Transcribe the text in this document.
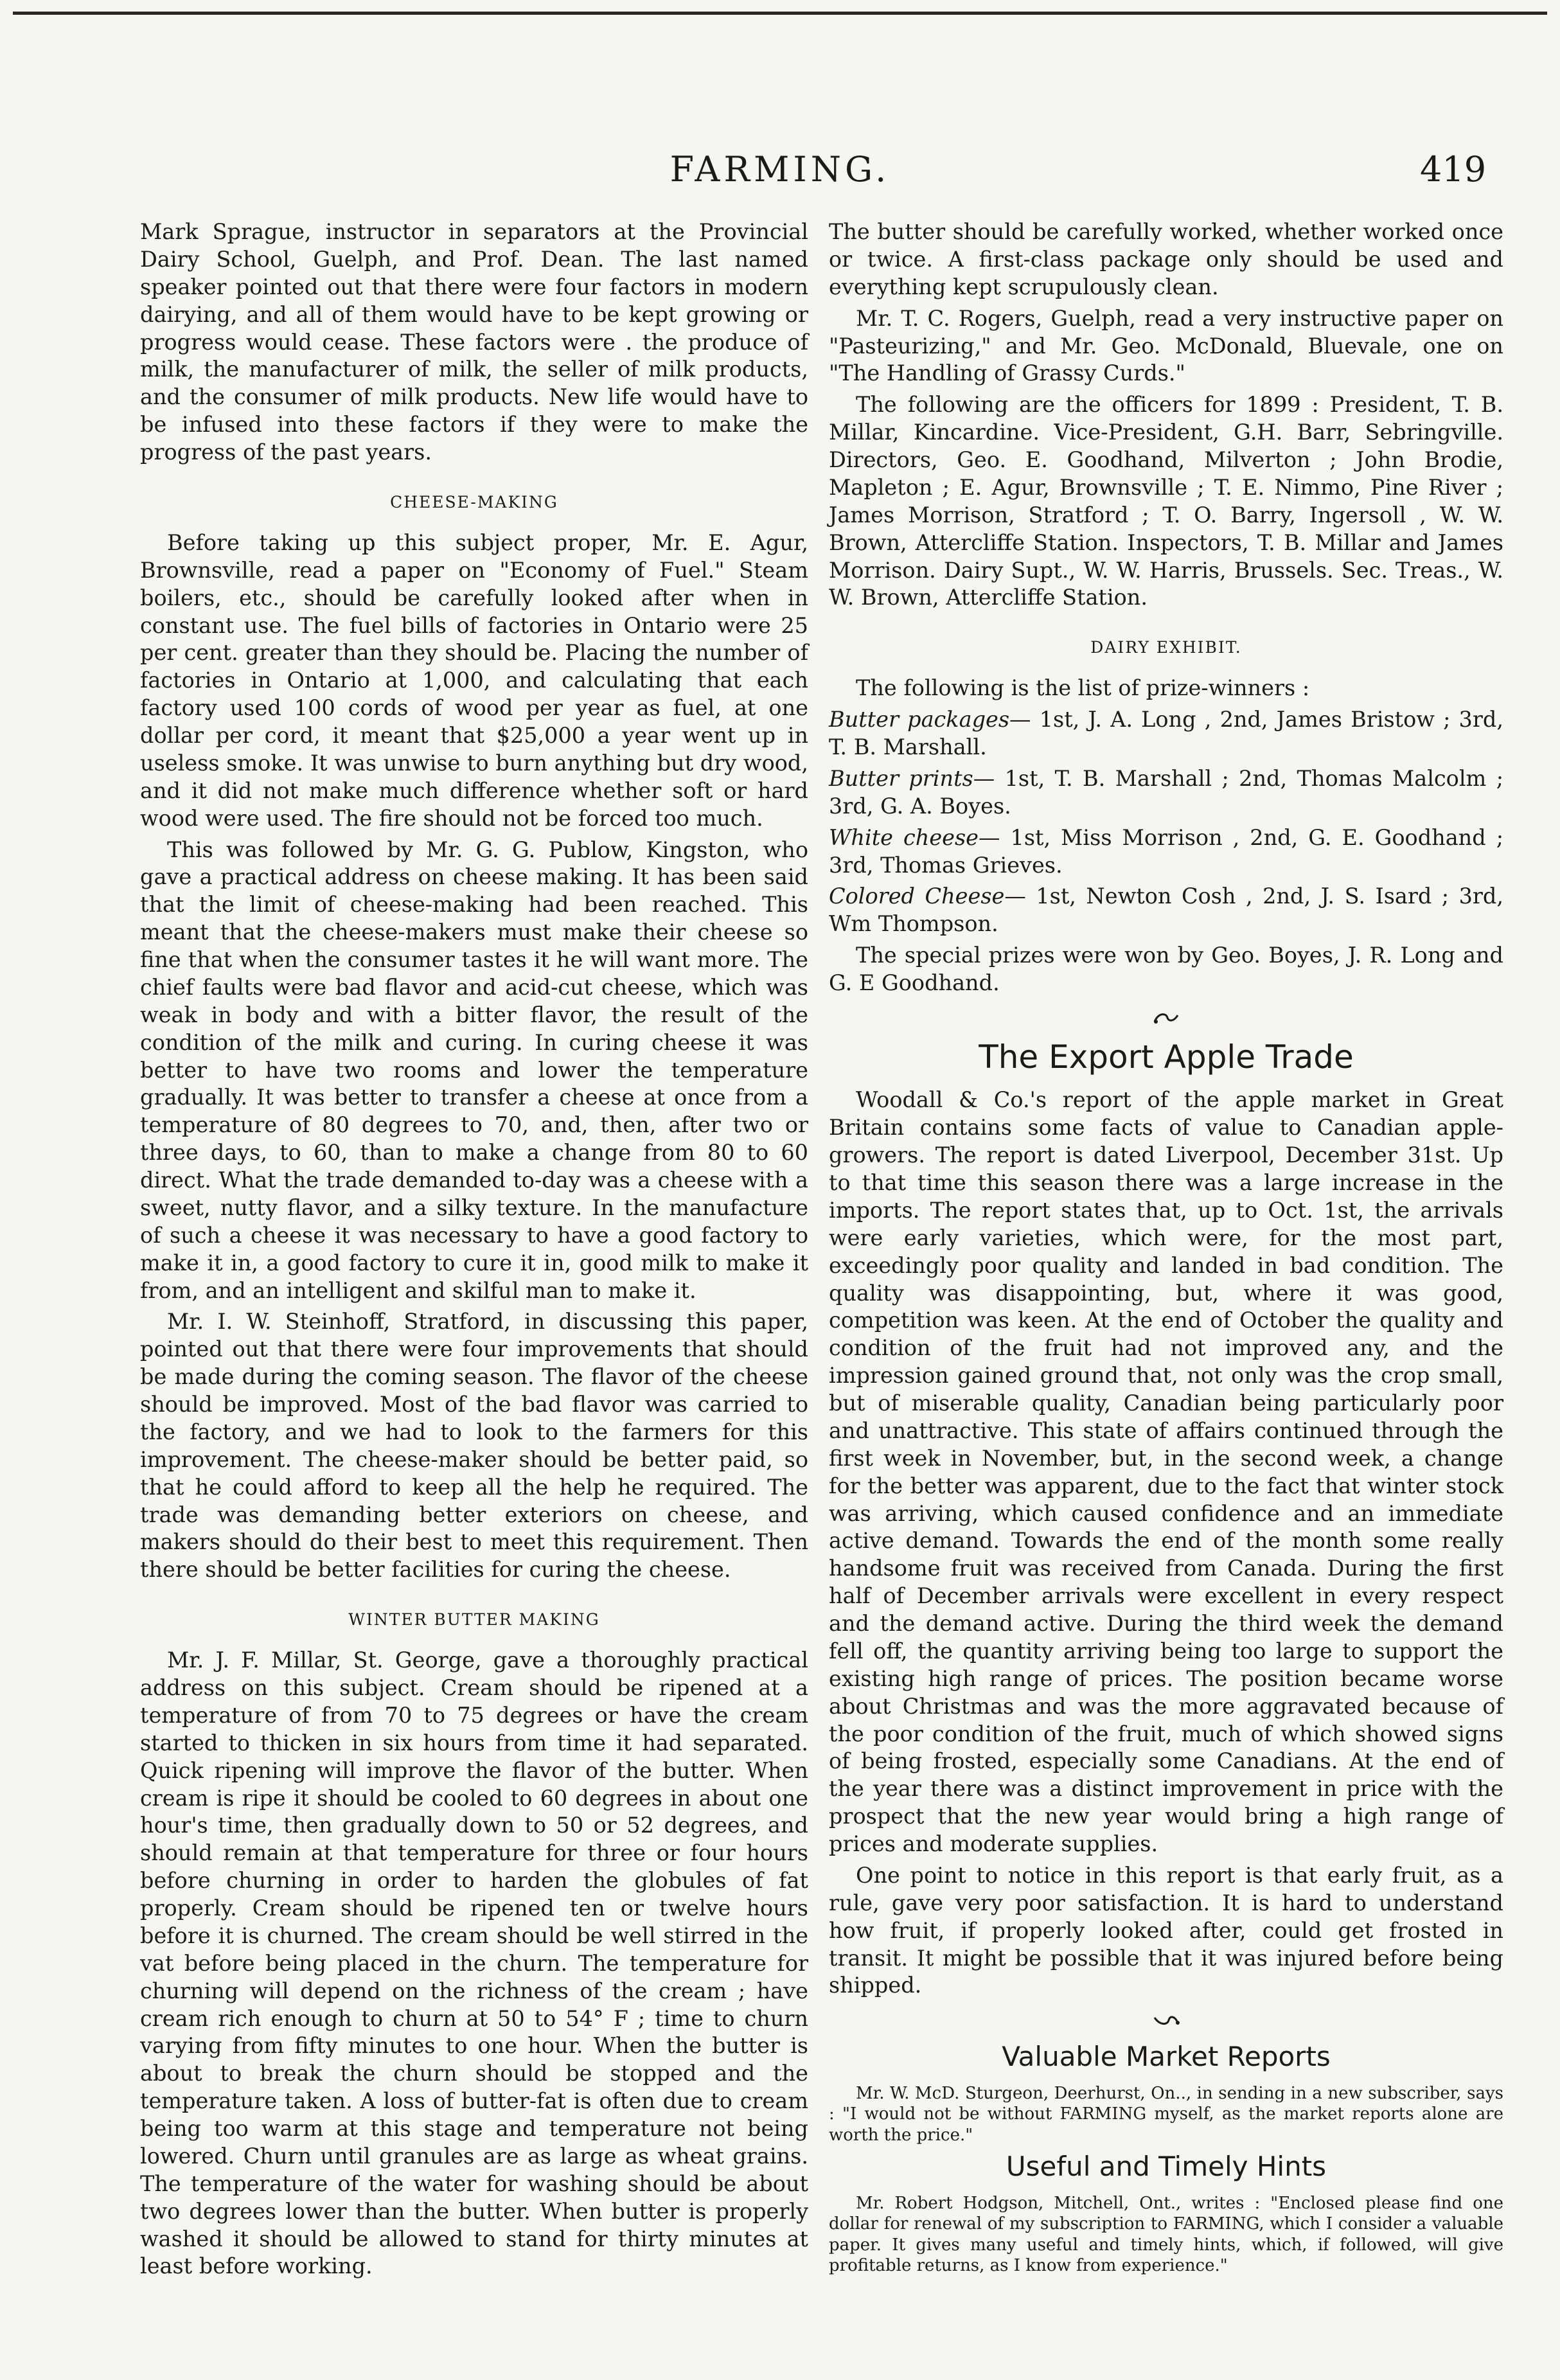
FARMING.	419

Mark Sprague, instructor in separators at the Provincial Dairy School, Guelph, and Prof. Dean. The last named speaker pointed out that there were four factors in modern dairying, and all of them would have to be kept growing or progress would cease. These factors were . the produce of milk, the manufacturer of milk, the seller of milk products, and the consumer of milk products. New life would have to be infused into these factors if they were to make the progress of the past years.

CHEESE-MAKING

Before taking up this subject proper, Mr. E. Agur, Brownsville, read a paper on "Economy of Fuel." Steam boilers, etc., should be carefully looked after when in constant use. The fuel bills of factories in Ontario were 25 per cent. greater than they should be. Placing the number of factories in Ontario at 1,000, and calculating that each factory used 100 cords of wood per year as fuel, at one dollar per cord, it meant that $25,000 a year went up in useless smoke. It was unwise to burn anything but dry wood, and it did not make much difference whether soft or hard wood were used. The fire should not be forced too much.

This was followed by Mr. G. G. Publow, Kingston, who gave a practical address on cheese making. It has been said that the limit of cheese-making had been reached. This meant that the cheese-makers must make their cheese so fine that when the consumer tastes it he will want more. The chief faults were bad flavor and acid-cut cheese, which was weak in body and with a bitter flavor, the result of the condition of the milk and curing. In curing cheese it was better to have two rooms and lower the temperature gradually. It was better to transfer a cheese at once from a temperature of 80 degrees to 70, and, then, after two or three days, to 60, than to make a change from 80 to 60 direct. What the trade demanded to-day was a cheese with a sweet, nutty flavor, and a silky texture. In the manufacture of such a cheese it was necessary to have a good factory to make it in, a good factory to cure it in, good milk to make it from, and an intelligent and skilful man to make it.

Mr. I. W. Steinhoff, Stratford, in discussing this paper, pointed out that there were four improvements that should be made during the coming season. The flavor of the cheese should be improved. Most of the bad flavor was carried to the factory, and we had to look to the farmers for this improvement. The cheese-maker should be better paid, so that he could afford to keep all the help he required. The trade was demanding better exteriors on cheese, and makers should do their best to meet this requirement. Then there should be better facilities for curing the cheese.

WINTER BUTTER MAKING

Mr. J. F. Millar, St. George, gave a thoroughly practical address on this subject. Cream should be ripened at a temperature of from 70 to 75 degrees or have the cream started to thicken in six hours from time it had separated. Quick ripening will improve the flavor of the butter. When cream is ripe it should be cooled to 60 degrees in about one hour's time, then gradually down to 50 or 52 degrees, and should remain at that temperature for three or four hours before churning in order to harden the globules of fat properly. Cream should be ripened ten or twelve hours before it is churned. The cream should be well stirred in the vat before being placed in the churn. The temperature for churning will depend on the richness of the cream ; have cream rich enough to churn at 50 to 54° F ; time to churn varying from fifty minutes to one hour. When the butter is about to break the churn should be stopped and the temperature taken. A loss of butter-fat is often due to cream being too warm at this stage and temperature not being lowered. Churn until granules are as large as wheat grains. The temperature of the water for washing should be about two degrees lower than the butter. When butter is properly washed it should be allowed to stand for thirty minutes at least before working.

The butter should be carefully worked, whether worked once or twice. A first-class package only should be used and everything kept scrupulously clean.

Mr. T. C. Rogers, Guelph, read a very instructive paper on "Pasteurizing," and Mr. Geo. McDonald, Bluevale, one on "The Handling of Grassy Curds."

The following are the officers for 1899 : President, T. B. Millar, Kincardine. Vice-President, G.H. Barr, Sebringville. Directors, Geo. E. Goodhand, Milverton ; John Brodie, Mapleton ; E. Agur, Brownsville ; T. E. Nimmo, Pine River ; James Morrison, Stratford ; T. O. Barry, Ingersoll , W. W. Brown, Attercliffe Station. Inspectors, T. B. Millar and James Morrison. Dairy Supt., W. W. Harris, Brussels. Sec. Treas., W. W. Brown, Attercliffe Station.

DAIRY EXHIBIT.

The following is the list of prize-winners :

Butter packages— 1st, J. A. Long , 2nd, James Bristow ; 3rd, T. B. Marshall.

Butter prints— 1st, T. B. Marshall ; 2nd, Thomas Malcolm ; 3rd, G. A. Boyes.

White cheese— 1st, Miss Morrison , 2nd, G. E. Goodhand ; 3rd, Thomas Grieves.

Colored Cheese— 1st, Newton Cosh , 2nd, J. S. Isard ; 3rd, Wm Thompson.

The special prizes were won by Geo. Boyes, J. R. Long and G. E Goodhand.

The Export Apple Trade

Woodall & Co.'s report of the apple market in Great Britain contains some facts of value to Canadian apple-growers. The report is dated Liverpool, December 31st. Up to that time this season there was a large increase in the imports. The report states that, up to Oct. 1st, the arrivals were early varieties, which were, for the most part, exceedingly poor quality and landed in bad condition. The quality was disappointing, but, where it was good, competition was keen. At the end of October the quality and condition of the fruit had not improved any, and the impression gained ground that, not only was the crop small, but of miserable quality, Canadian being particularly poor and unattractive. This state of affairs continued through the first week in November, but, in the second week, a change for the better was apparent, due to the fact that winter stock was arriving, which caused confidence and an immediate active demand. Towards the end of the month some really handsome fruit was received from Canada. During the first half of December arrivals were excellent in every respect and the demand active. During the third week the demand fell off, the quantity arriving being too large to support the existing high range of prices. The position became worse about Christmas and was the more aggravated because of the poor condition of the fruit, much of which showed signs of being frosted, especially some Canadians. At the end of the year there was a distinct improvement in price with the prospect that the new year would bring a high range of prices and moderate supplies.

One point to notice in this report is that early fruit, as a rule, gave very poor satisfaction. It is hard to understand how fruit, if properly looked after, could get frosted in transit. It might be possible that it was injured before being shipped.

Valuable Market Reports

Mr. W. McD. Sturgeon, Deerhurst, On.., in sending in a new subscriber, says : "I would not be without FARMING myself, as the market reports alone are worth the price."

Useful and Timely Hints

Mr. Robert Hodgson, Mitchell, Ont., writes : "Enclosed please find one dollar for renewal of my subscription to FARMING, which I consider a valuable paper. It gives many useful and timely hints, which, if followed, will give profitable returns, as I know from experience."
